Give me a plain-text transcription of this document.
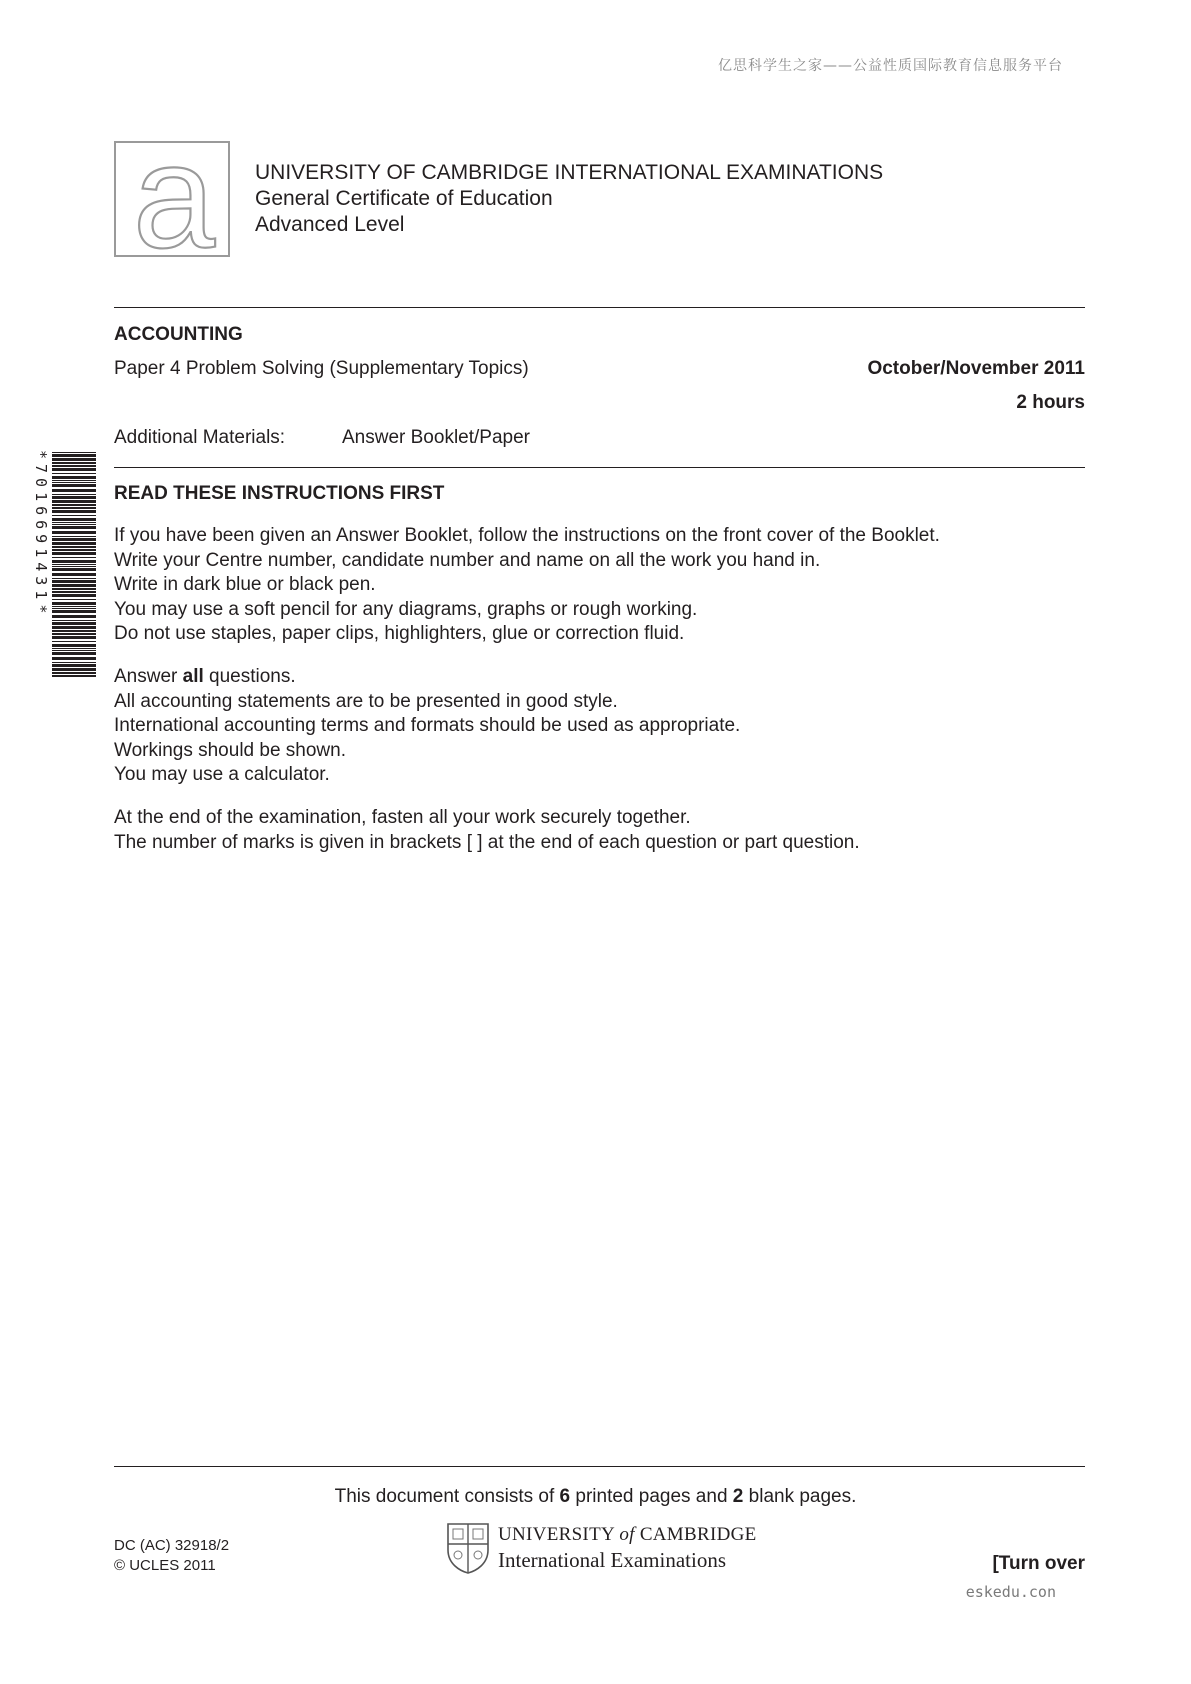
亿思科学生之家——公益性质国际教育信息服务平台
a UNIVERSITY OF CAMBRIDGE INTERNATIONAL EXAMINATIONS
General Certificate of Education
Advanced Level
ACCOUNTING
Paper 4 Problem Solving (Supplementary Topics)	October/November 2011
2 hours
Additional Materials:	Answer Booklet/Paper
*7016691431*	READ THESE INSTRUCTIONS FIRST
If you have been given an Answer Booklet, follow the instructions on the front cover of the Booklet.
Write your Centre number, candidate number and name on all the work you hand in.
Write in dark blue or black pen.
You may use a soft pencil for any diagrams, graphs or rough working.
Do not use staples, paper clips, highlighters, glue or correction fluid.
Answer all questions.
All accounting statements are to be presented in good style.
International accounting terms and formats should be used as appropriate.
Workings should be shown.
You may use a calculator.
At the end of the examination, fasten all your work securely together.
The number of marks is given in brackets [ ] at the end of each question or part question.
This document consists of 6 printed pages and 2 blank pages.
DC (AC) 32918/2
© UCLES 2011
UNIVERSITY of CAMBRIDGE
International Examinations	[Turn over
eskedu.con
